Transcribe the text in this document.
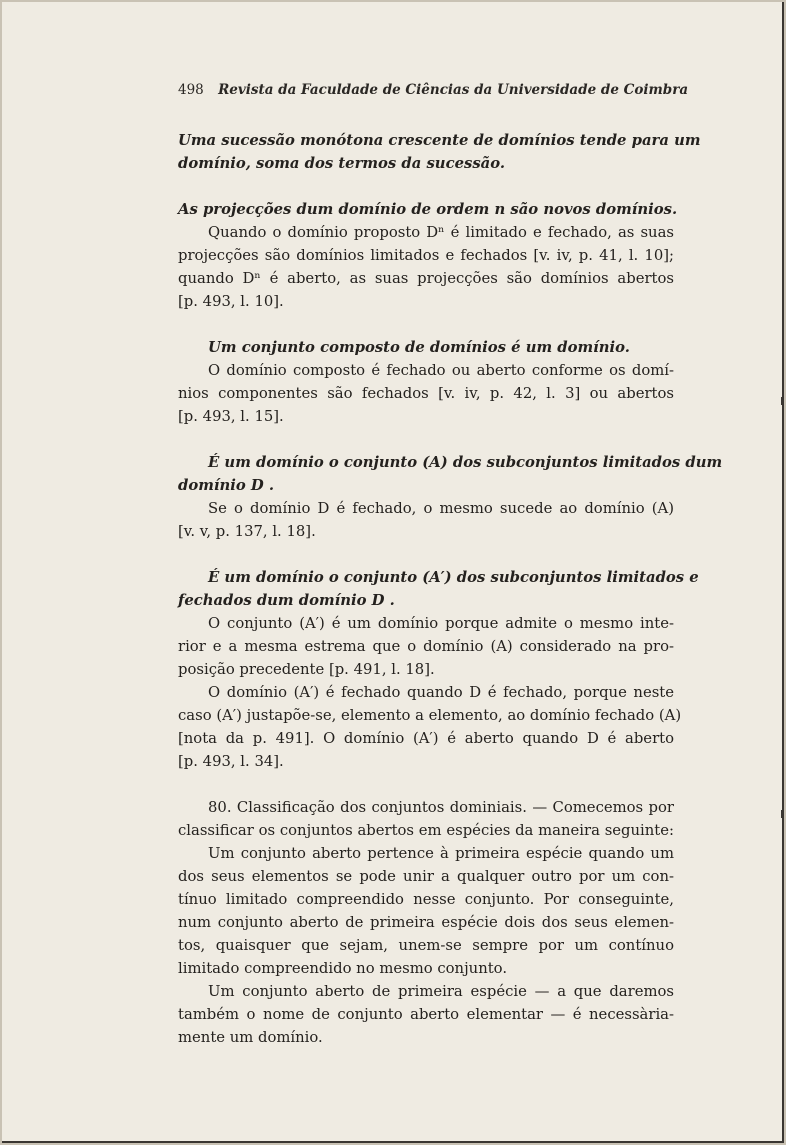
498 Revista da Faculdade de Ciências da Universidade de Coimbra
Uma sucessão monótona crescente de domínios tende para um
domínio, soma dos termos da sucessão.
As projecções dum domínio de ordem n são novos domínios.
Quando o domínio proposto Dⁿ é limitado e fechado, as suas
projecções são domínios limitados e fechados [v. iv, p. 41, l. 10];
quando Dⁿ é aberto, as suas projecções são domínios abertos
[p. 493, l. 10].
Um conjunto composto de domínios é um domínio.
O domínio composto é fechado ou aberto conforme os domí-
nios componentes são fechados [v. iv, p. 42, l. 3] ou abertos
[p. 493, l. 15].
É um domínio o conjunto (A) dos subconjuntos limitados dum
domínio D .
Se o domínio D é fechado, o mesmo sucede ao domínio (A)
[v. v, p. 137, l. 18].
É um domínio o conjunto (A′) dos subconjuntos limitados e
fechados dum domínio D .
O conjunto (A′) é um domínio porque admite o mesmo inte-
rior e a mesma estrema que o domínio (A) considerado na pro-
posição precedente [p. 491, l. 18].
O domínio (A′) é fechado quando D é fechado, porque neste
caso (A′) justapõe-se, elemento a elemento, ao domínio fechado (A)
[nota da p. 491]. O domínio (A′) é aberto quando D é aberto
[p. 493, l. 34].
80. Classificação dos conjuntos dominiais. — Comecemos por
classificar os conjuntos abertos em espécies da maneira seguinte:
Um conjunto aberto pertence à primeira espécie quando um
dos seus elementos se pode unir a qualquer outro por um con-
tínuo limitado compreendido nesse conjunto. Por conseguinte,
num conjunto aberto de primeira espécie dois dos seus elemen-
tos, quaisquer que sejam, unem-se sempre por um contínuo
limitado compreendido no mesmo conjunto.
Um conjunto aberto de primeira espécie — a que daremos
também o nome de conjunto aberto elementar — é necessària-
mente um domínio.
